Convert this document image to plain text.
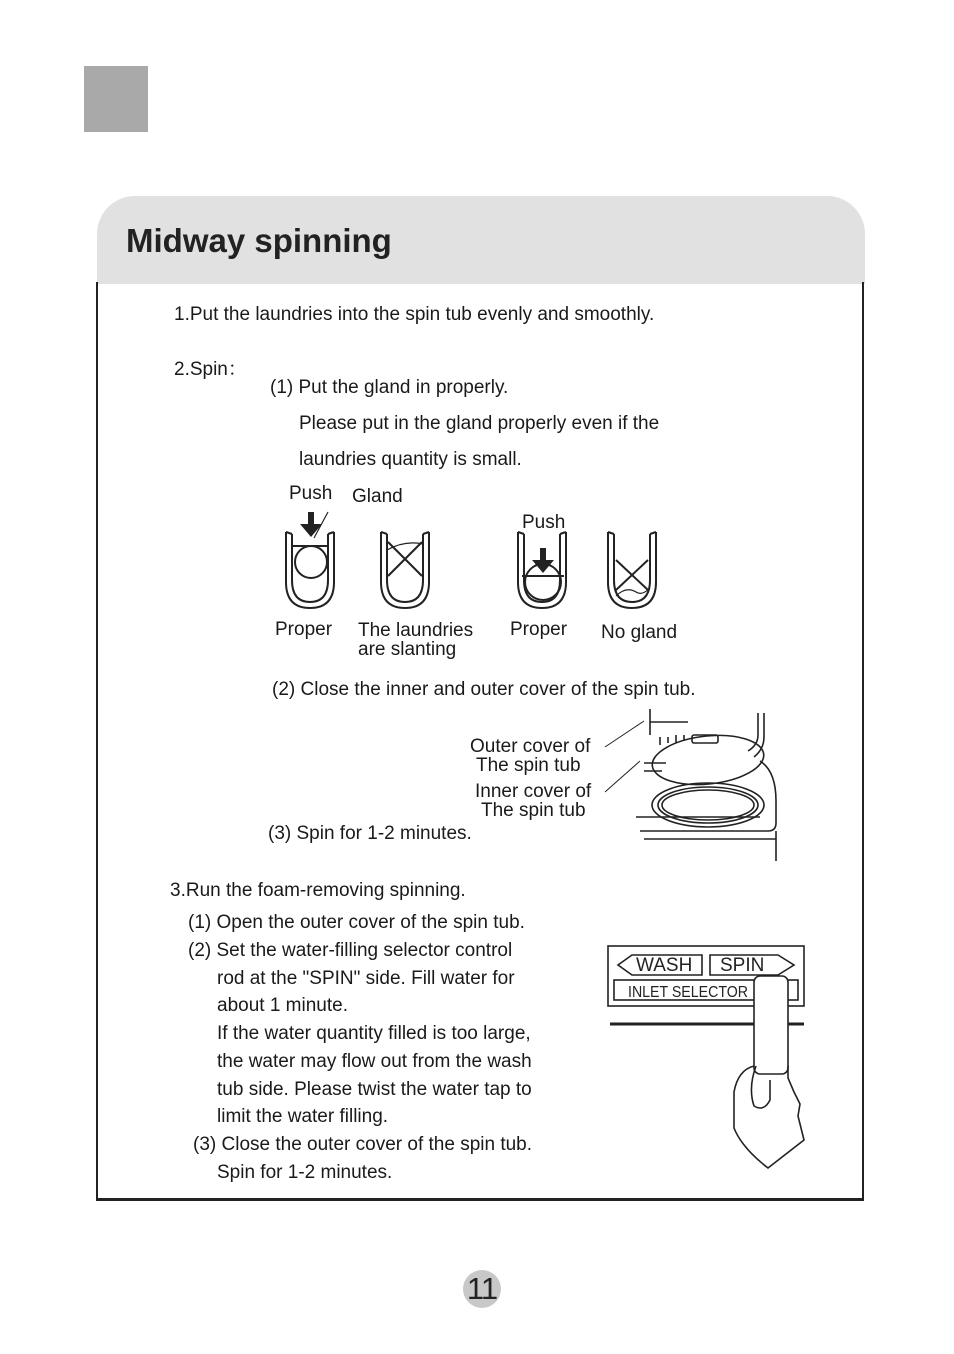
Midway spinning
1.Put the laundries into the spin tub evenly and smoothly.
2.Spin：
(1) Put the gland in properly.
Please put in the gland properly even if the
laundries quantity is small.
Push Gland
Push
Proper The laundries
are slanting
Proper No gland
(2) Close the inner and outer cover of the spin tub.
Outer cover of
The spin tub
Inner cover of
The spin tub
(3) Spin for 1-2 minutes.
3.Run the foam-removing spinning.
(1) Open the outer cover of the spin tub.
(2) Set the water-filling selector control
rod at the "SPIN" side. Fill water for
about 1 minute.
If the water quantity filled is too large,
the water may flow out from the wash
tub side. Please twist the water tap to
limit the water filling.
(3) Close the outer cover of the spin tub.
Spin for 1-2 minutes.
WASH SPIN
INLET SELECTOR
11
